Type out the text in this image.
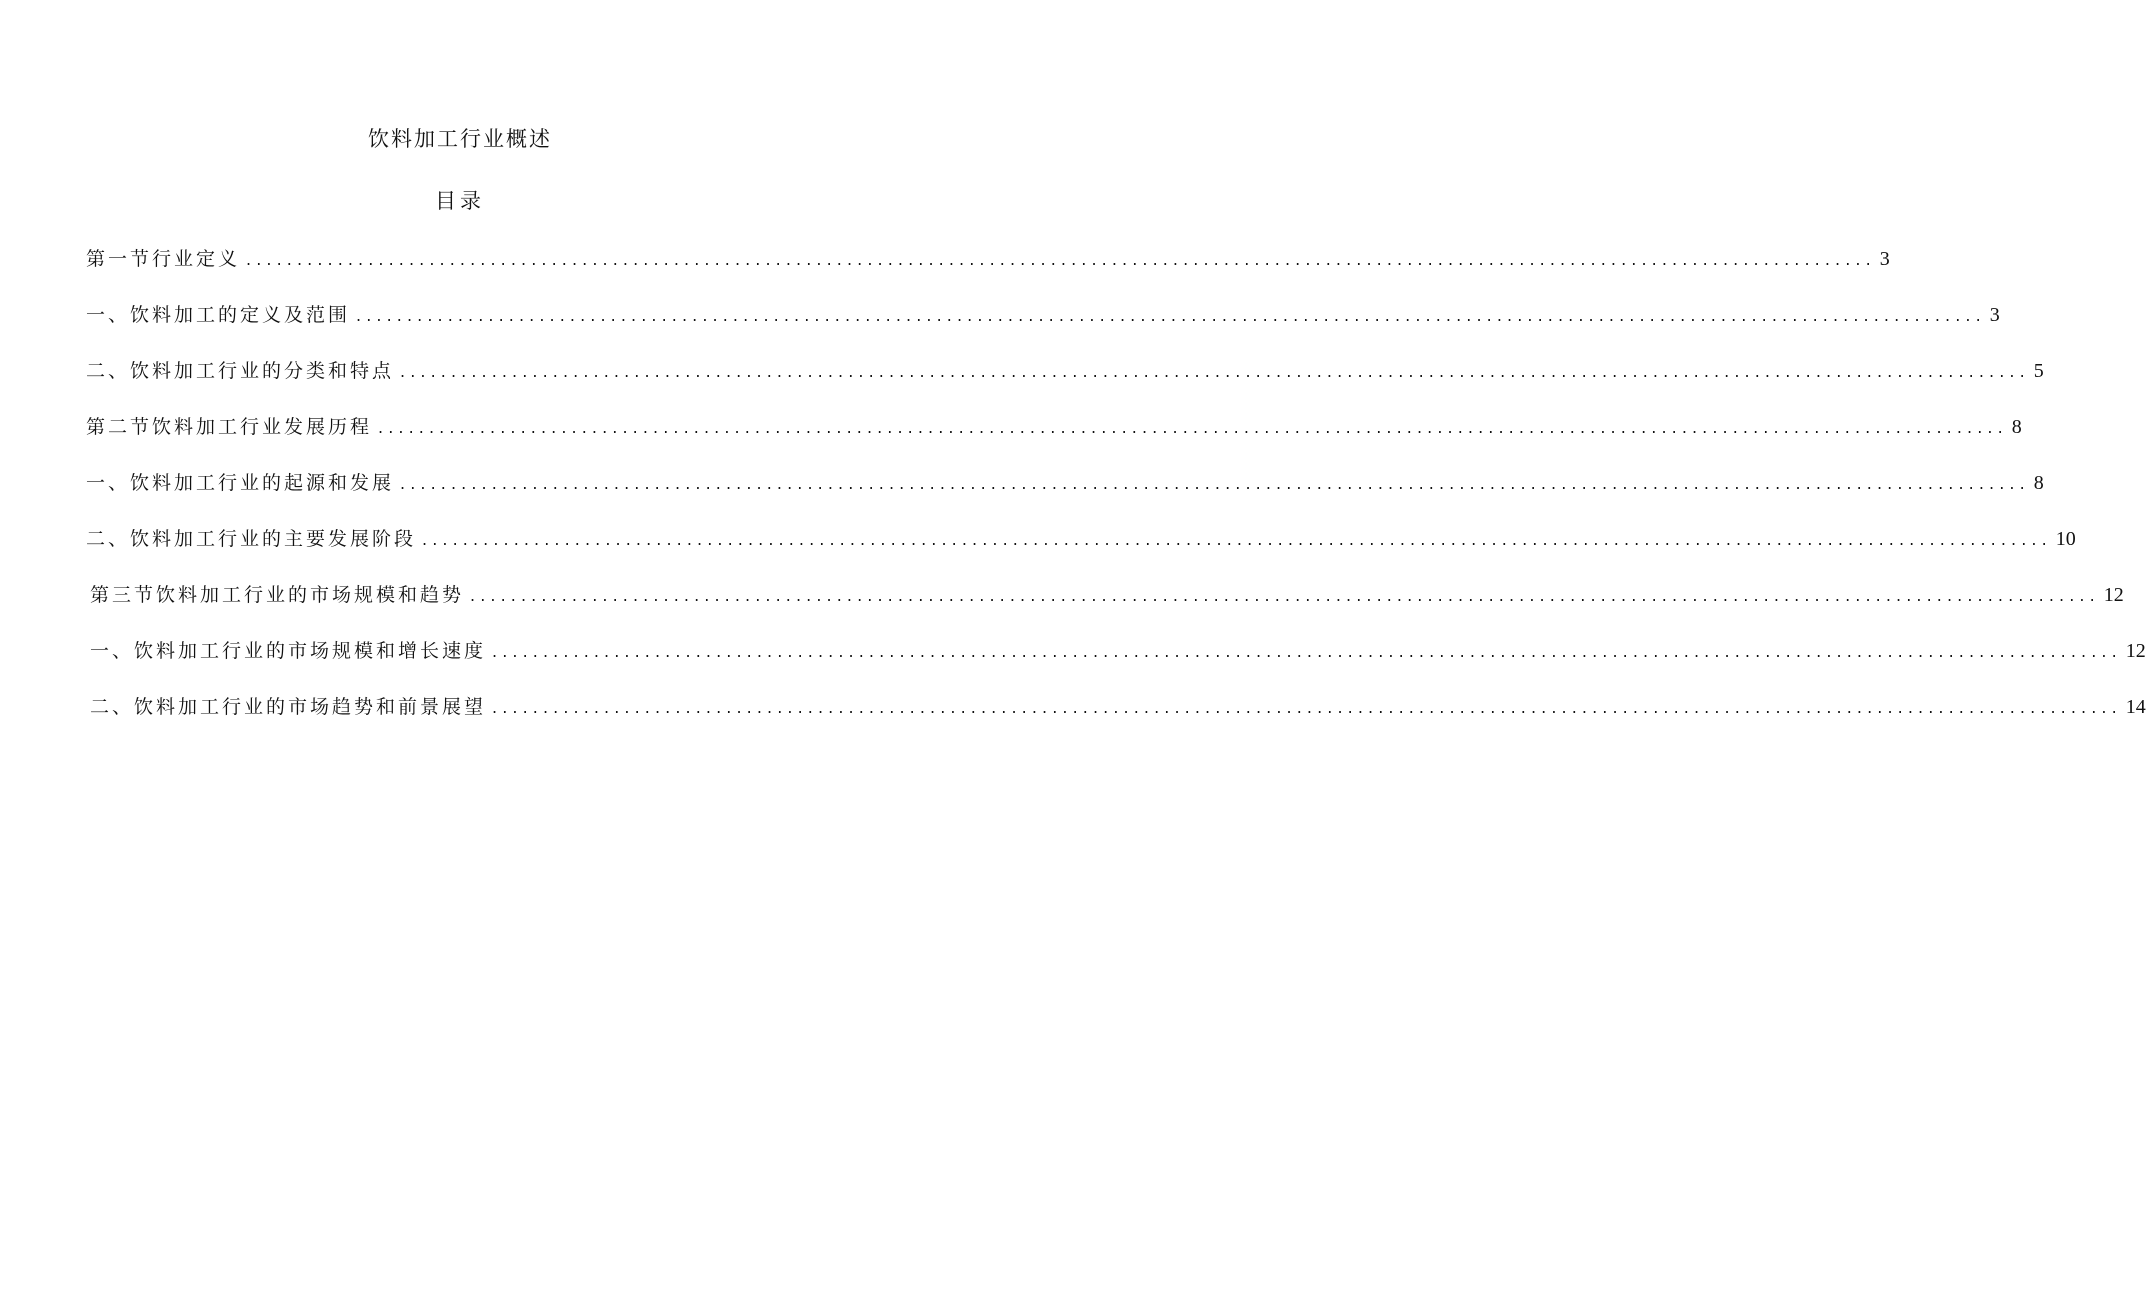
饮料加工行业概述
目录
第一节行业定义 ................................................................................................................................................................ 3
一、饮料加工的定义及范围 ................................................................................................................................................................ 3
二、饮料加工行业的分类和特点 ................................................................................................................................................................ 5
第二节饮料加工行业发展历程 ................................................................................................................................................................ 8
一、饮料加工行业的起源和发展 ................................................................................................................................................................ 8
二、饮料加工行业的主要发展阶段 ................................................................................................................................................................ 10
第三节饮料加工行业的市场规模和趋势 ................................................................................................................................................................ 12
一、饮料加工行业的市场规模和增长速度 ................................................................................................................................................................ 12
二、饮料加工行业的市场趋势和前景展望 ................................................................................................................................................................ 14
